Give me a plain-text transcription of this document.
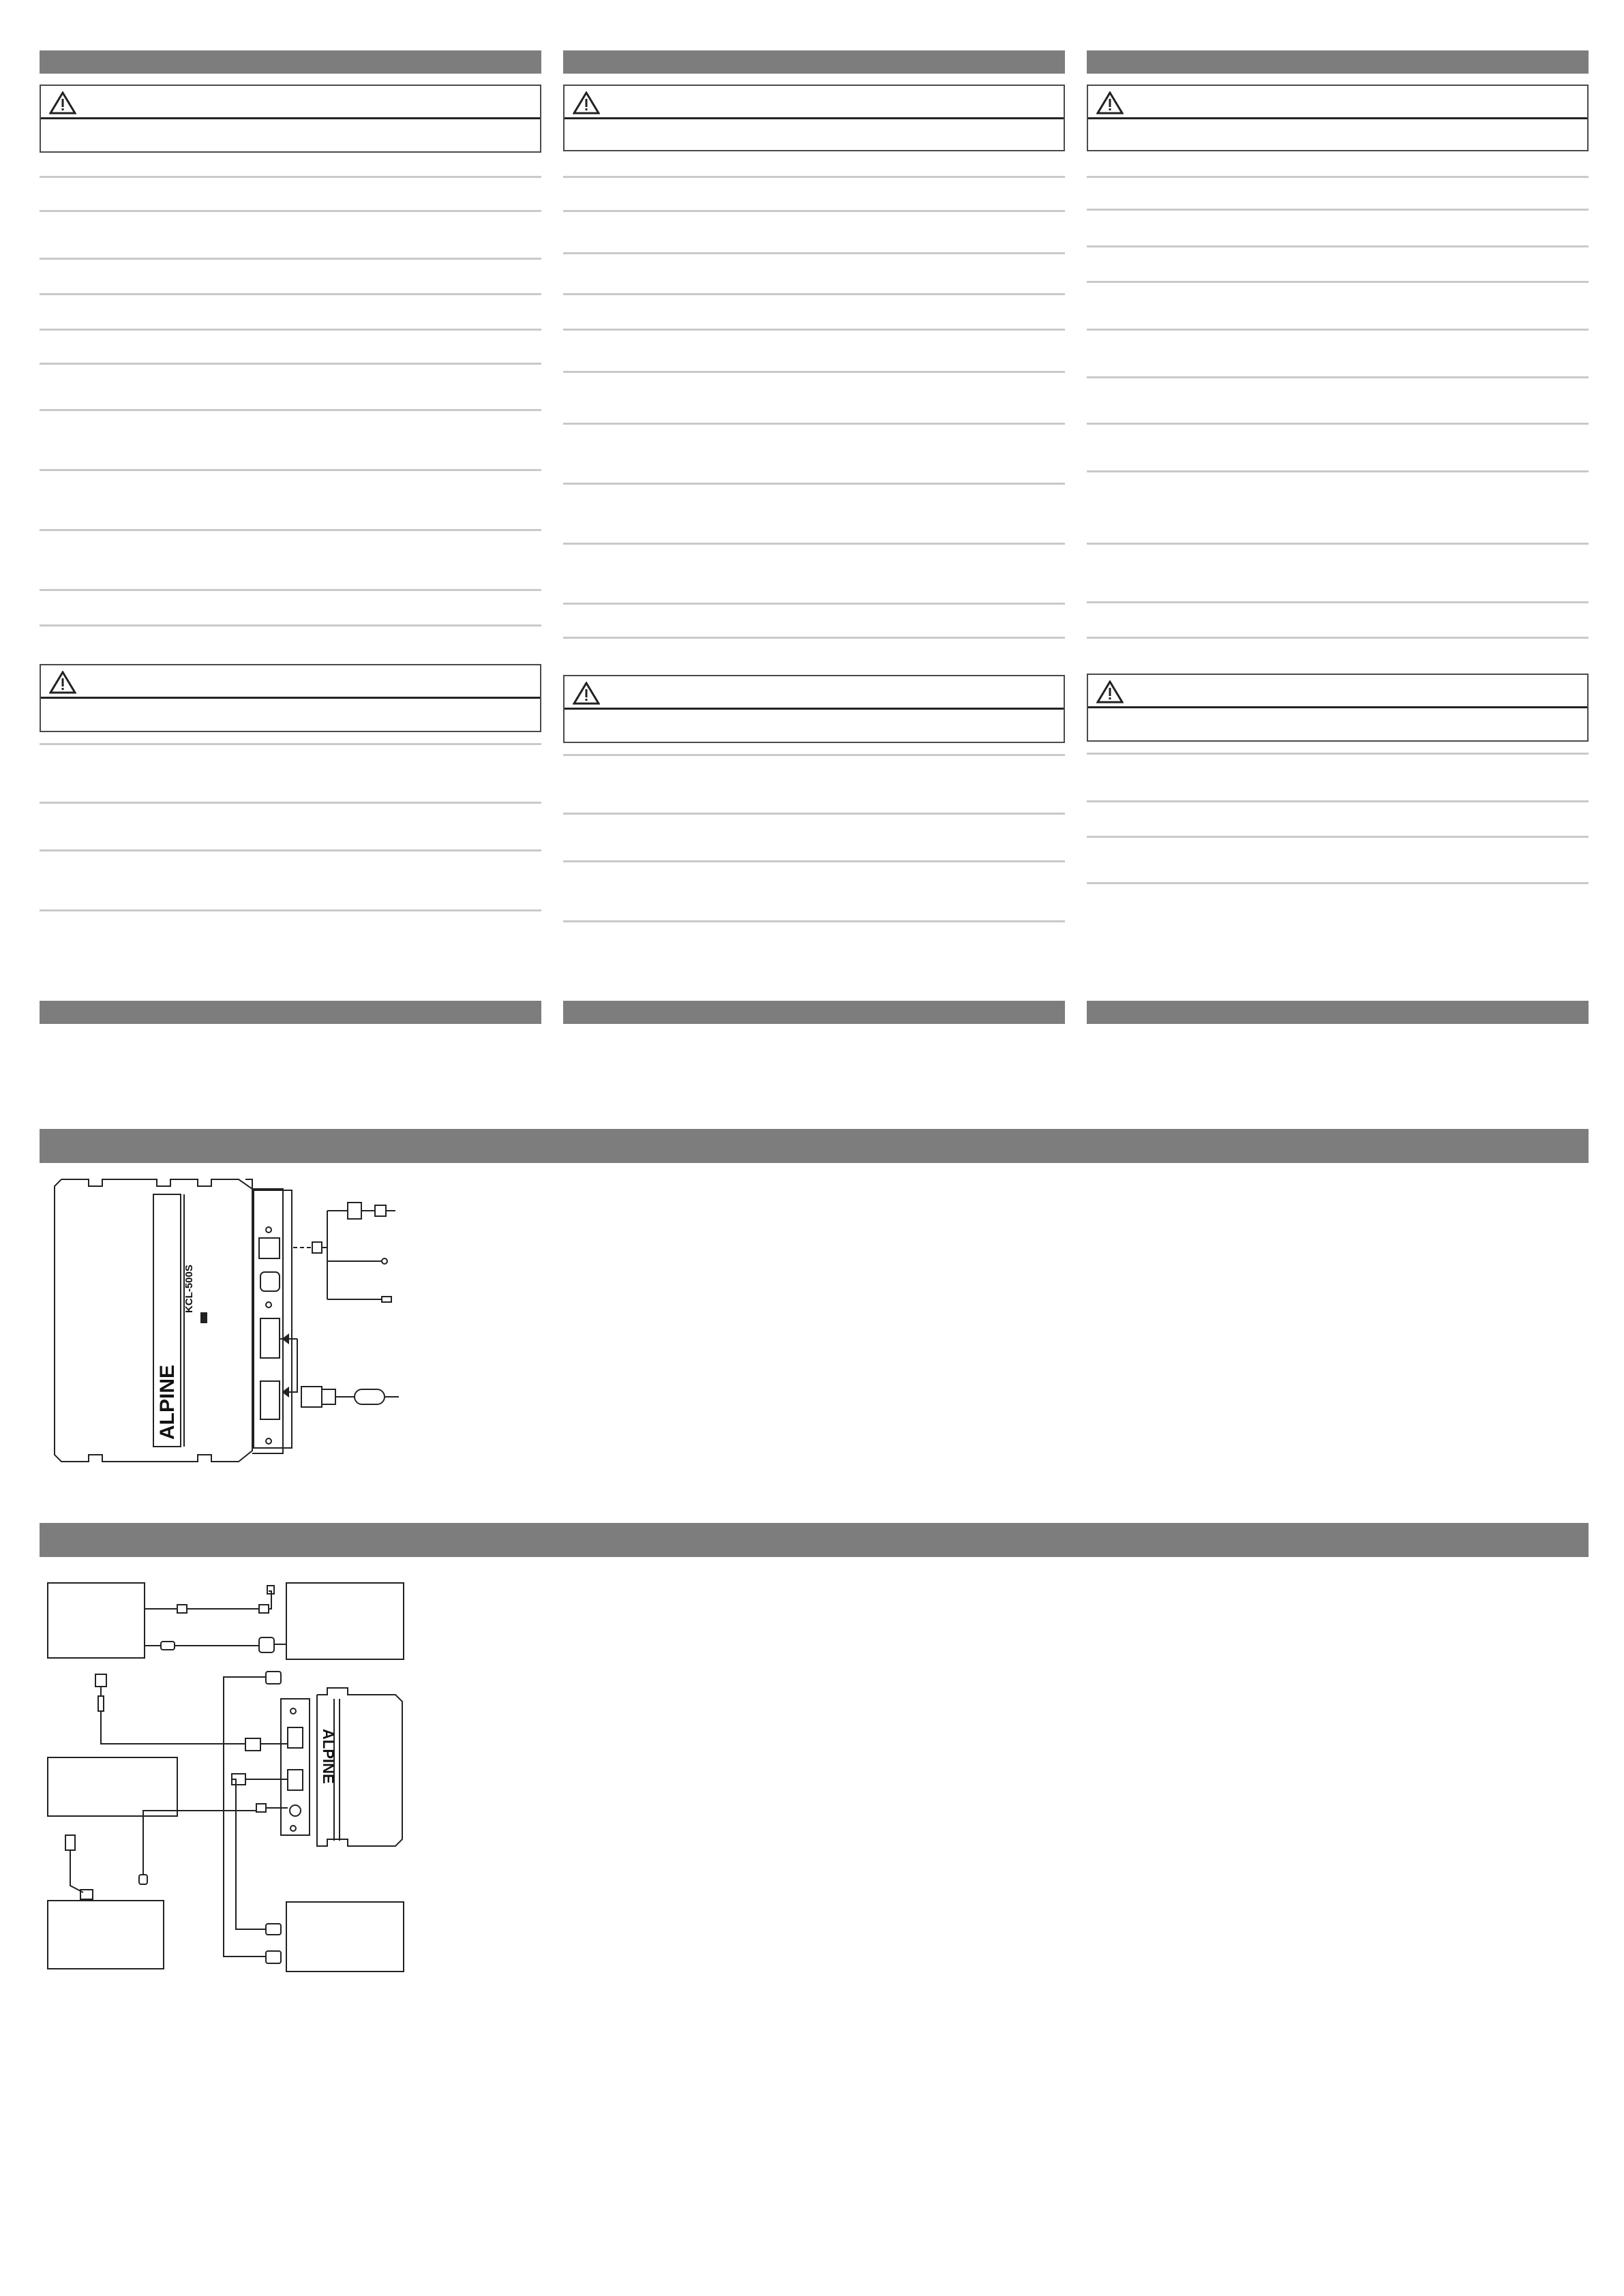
ALPINE
KCL-500S
ALPINE
